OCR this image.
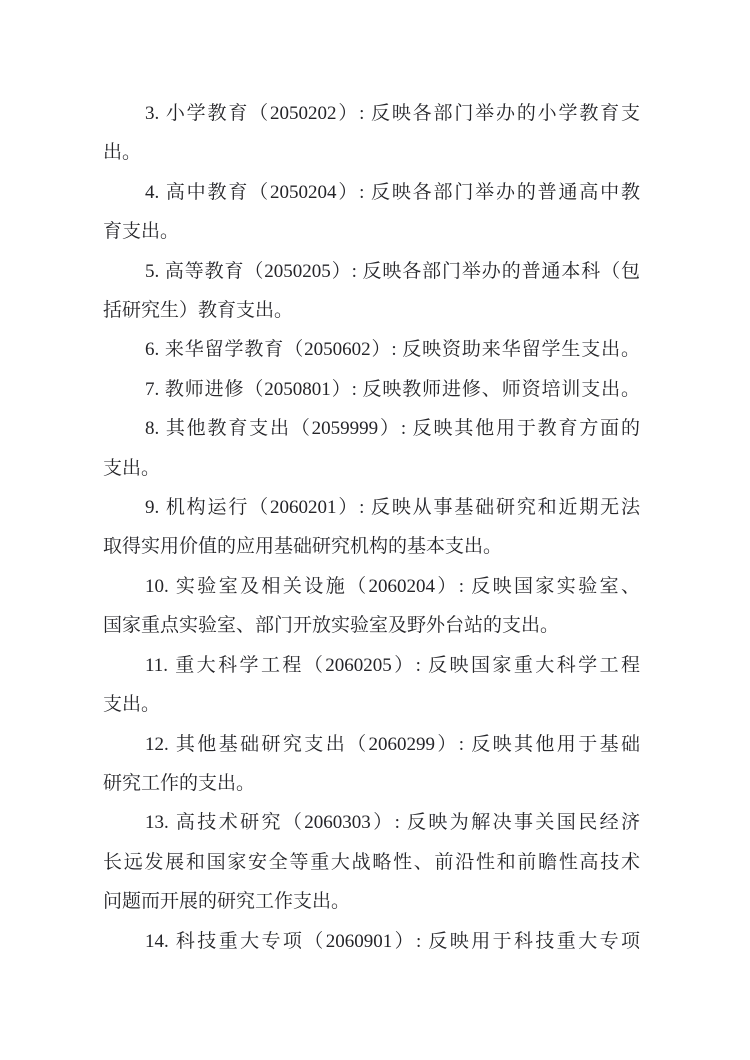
3. 小学教育（2050202）: 反映各部门举办的小学教育支
出。
4. 高中教育（2050204）: 反映各部门举办的普通高中教
育支出。
5. 高等教育（2050205）: 反映各部门举办的普通本科（包
括研究生）教育支出。
6. 来华留学教育（2050602）: 反映资助来华留学生支出。
7. 教师进修（2050801）: 反映教师进修、师资培训支出。
8. 其他教育支出（2059999）: 反映其他用于教育方面的
支出。
9. 机构运行（2060201）: 反映从事基础研究和近期无法
取得实用价值的应用基础研究机构的基本支出。
10. 实验室及相关设施（2060204）: 反映国家实验室、
国家重点实验室、部门开放实验室及野外台站的支出。
11. 重大科学工程（2060205）: 反映国家重大科学工程
支出。
12. 其他基础研究支出（2060299）: 反映其他用于基础
研究工作的支出。
13. 高技术研究（2060303）: 反映为解决事关国民经济
长远发展和国家安全等重大战略性、前沿性和前瞻性高技术
问题而开展的研究工作支出。
14. 科技重大专项（2060901）: 反映用于科技重大专项
